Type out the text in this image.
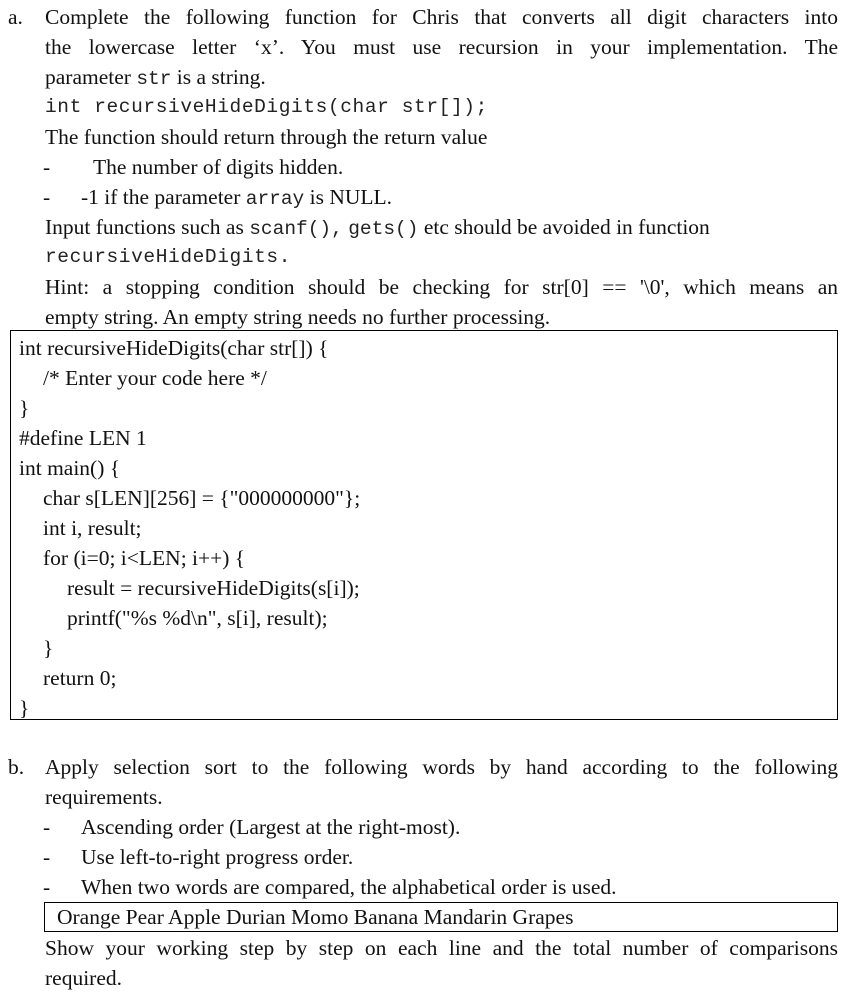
a. Complete the following function for Chris that converts all digit characters into
the lowercase letter ‘x’. You must use recursion in your implementation. The
parameter str is a string.
int recursiveHideDigits(char str[]);
The function should return through the return value
- The number of digits hidden.
- -1 if the parameter array is NULL.
Input functions such as scanf(), gets() etc should be avoided in function
recursiveHideDigits.
Hint: a stopping condition should be checking for str[0] == '\0', which means an
empty string. An empty string needs no further processing.
int recursiveHideDigits(char str[]) {
/* Enter your code here */
}
#define LEN 1
int main() {
char s[LEN][256] = {"000000000"};
int i, result;
for (i=0; i<LEN; i++) {
result = recursiveHideDigits(s[i]);
printf("%s %d\n", s[i], result);
}
return 0;
}
b. Apply selection sort to the following words by hand according to the following
requirements.
- Ascending order (Largest at the right-most).
- Use left-to-right progress order.
- When two words are compared, the alphabetical order is used.
Orange Pear Apple Durian Momo Banana Mandarin Grapes
Show your working step by step on each line and the total number of comparisons
required.
